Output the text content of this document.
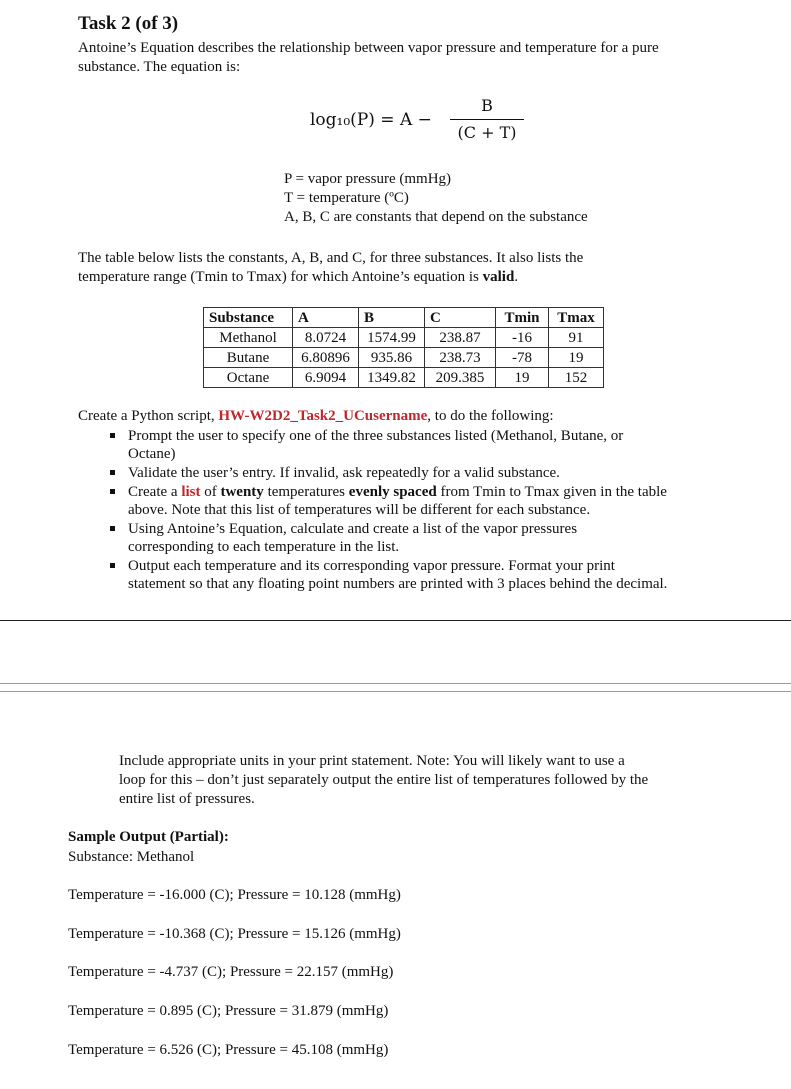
Task 2 (of 3)
Antoine’s Equation describes the relationship between vapor pressure and temperature for a pure
substance. The equation is:
log₁₀(P) = A −
B
(C + T)
P = vapor pressure (mmHg)
T = temperature (ºC)
A, B, C are constants that depend on the substance
The table below lists the constants, A, B, and C, for three substances. It also lists the
temperature range (Tmin to Tmax) for which Antoine’s equation is valid.
Substance	A	B	C	Tmin	Tmax
Methanol	8.0724	1574.99	238.87	-16	91
Butane	6.80896	935.86	238.73	-78	19
Octane	6.9094	1349.82	209.385	19	152
Create a Python script, HW-W2D2_Task2_UCusername, to do the following:
Prompt the user to specify one of the three substances listed (Methanol, Butane, or
Octane)
Validate the user’s entry. If invalid, ask repeatedly for a valid substance.
Create a list of twenty temperatures evenly spaced from Tmin to Tmax given in the table
above. Note that this list of temperatures will be different for each substance.
Using Antoine’s Equation, calculate and create a list of the vapor pressures
corresponding to each temperature in the list.
Output each temperature and its corresponding vapor pressure. Format your print
statement so that any floating point numbers are printed with 3 places behind the decimal.
Include appropriate units in your print statement. Note: You will likely want to use a
loop for this – don’t just separately output the entire list of temperatures followed by the
entire list of pressures.
Sample Output (Partial):
Substance: Methanol
Temperature = -16.000 (C); Pressure = 10.128 (mmHg)
Temperature = -10.368 (C); Pressure = 15.126 (mmHg)
Temperature = -4.737 (C); Pressure = 22.157 (mmHg)
Temperature = 0.895 (C); Pressure = 31.879 (mmHg)
Temperature = 6.526 (C); Pressure = 45.108 (mmHg)
